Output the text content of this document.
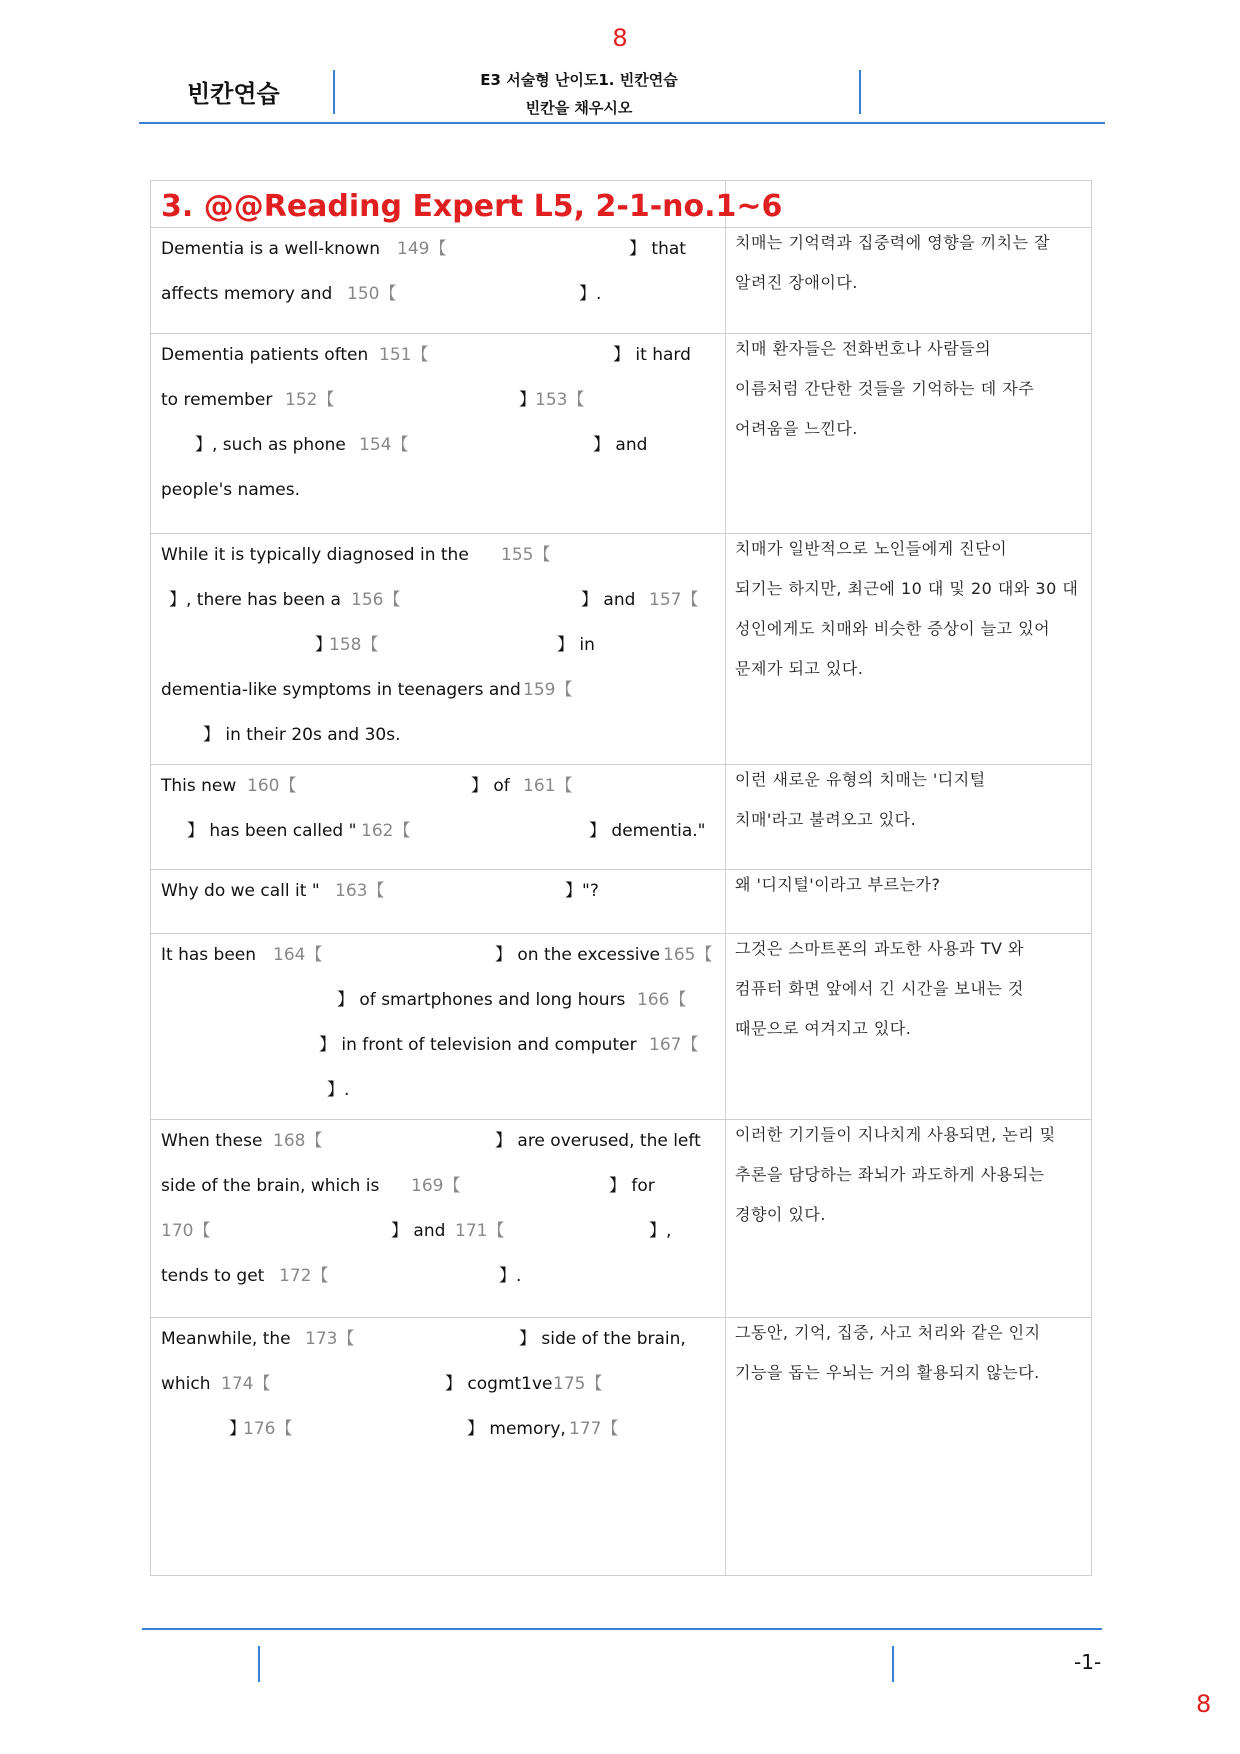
8
빈칸연습	E3 서술형 난이도1. 빈칸연습
빈칸을 채우시오
3. @@Reading Expert L5, 2-1-no.1~6
Dementia is a well-known 149【	】 that
affects memory and 150【	】.
치매는 기억력과 집중력에 영향을 끼치는 잘
알려진 장애이다.
Dementia patients often 151【	】 it hard
to remember 152【	】 153【
】, such as phone 154【	】 and
people's names.
치매 환자들은 전화번호나 사람들의
이름처럼 간단한 것들을 기억하는 데 자주
어려움을 느낀다.
While it is typically diagnosed in the 155【
】, there has been a 156【	】 and 157【
】
158【	】 in
dementia-like symptoms in teenagers and 159【
】 in their 20s and 30s.
치매가 일반적으로 노인들에게 진단이
되기는 하지만, 최근에 10 대 및 20 대와 30 대
성인에게도 치매와 비슷한 증상이 늘고 있어
문제가 되고 있다.
This new 160【	】 of 161【
】 has been called " 162【	】 dementia."
이런 새로운 유형의 치매는 '디지털
치매'라고 불려오고 있다.
Why do we call it " 163【	】"?	왜 '디지털'이라고 부르는가?
It has been 164【	】 on the excessive 165【
】 of smartphones and long hours 166【
】 in front of television and computer 167【
】.
그것은 스마트폰의 과도한 사용과 TV 와
컴퓨터 화면 앞에서 긴 시간을 보내는 것
때문으로 여겨지고 있다.
When these 168【	】 are overused, the left
side of the brain, which is 169【	】 for
170【	】 and 171【	】,
tends to get 172【	】.
이러한 기기들이 지나치게 사용되면, 논리 및
추론을 담당하는 좌뇌가 과도하게 사용되는
경향이 있다.
Meanwhile, the 173【	】 side of the brain,
which 174【	】 cogmt1ve 175【
】
176【	】 memory, 177【
그동안, 기억, 집중, 사고 처리와 같은 인지
기능을 돕는 우뇌는 거의 활용되지 않는다.
-1-
8
